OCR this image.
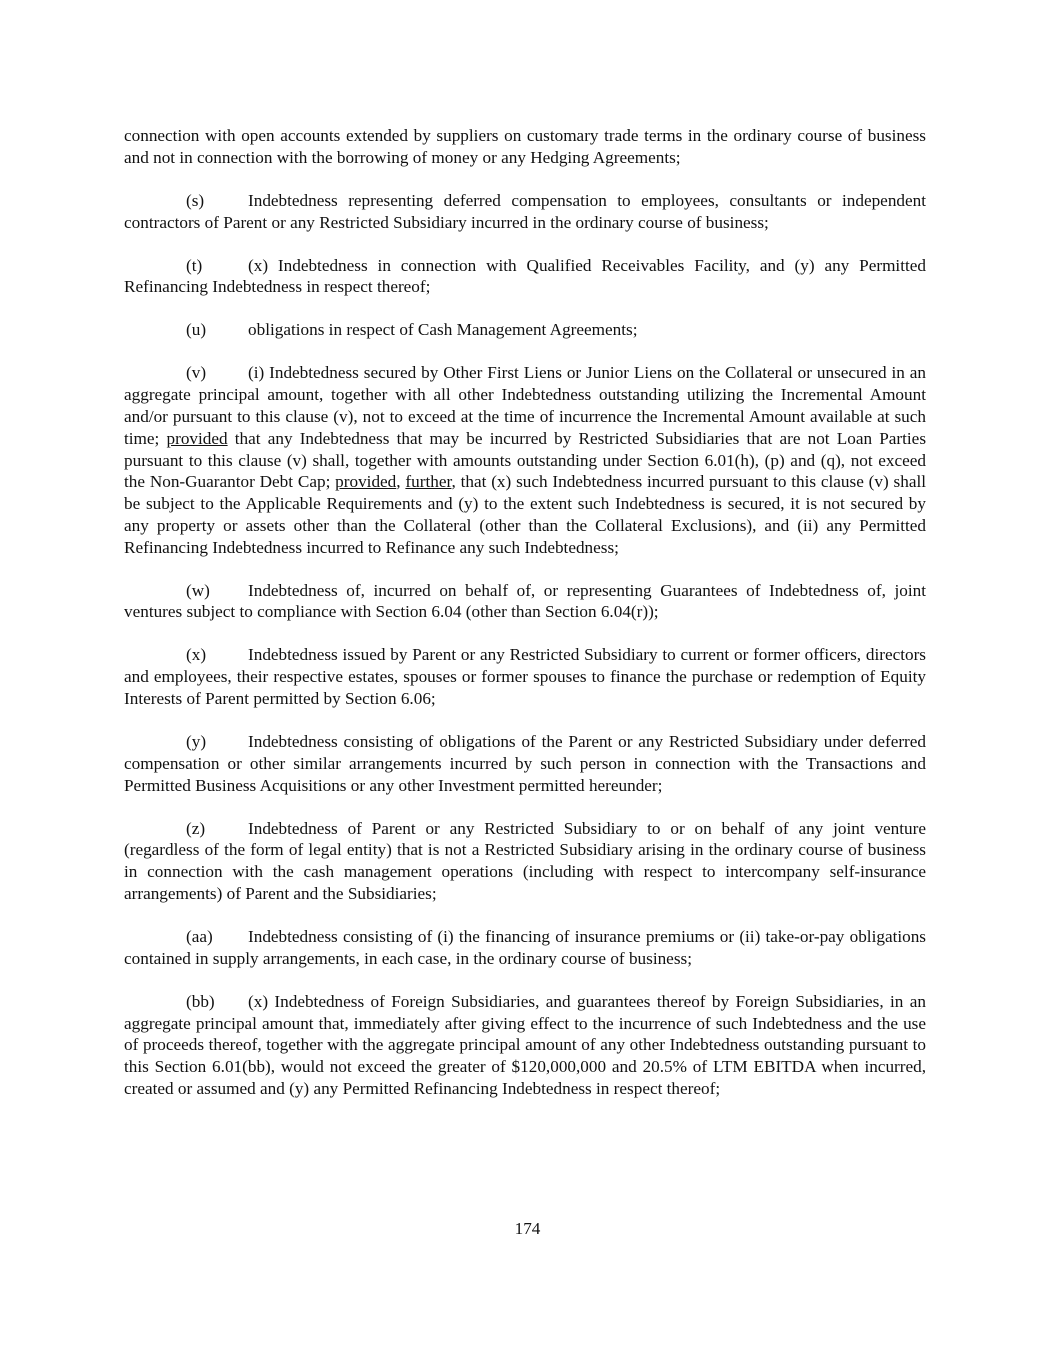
connection with open accounts extended by suppliers on customary trade terms in the ordinary course of business and not in connection with the borrowing of money or any Hedging Agreements;

(s)	Indebtedness representing deferred compensation to employees, consultants or independent contractors of Parent or any Restricted Subsidiary incurred in the ordinary course of business;

(t)	(x) Indebtedness in connection with Qualified Receivables Facility, and (y) any Permitted Refinancing Indebtedness in respect thereof;

(u) obligations in respect of Cash Management Agreements;

(v) (i) Indebtedness secured by Other First Liens or Junior Liens on the Collateral or unsecured in an aggregate principal amount, together with all other Indebtedness outstanding utilizing the Incremental Amount and/or pursuant to this clause (v), not to exceed at the time of incurrence the Incremental Amount available at such time; provided that any Indebtedness that may be incurred by Restricted Subsidiaries that are not Loan Parties pursuant to this clause (v) shall, together with amounts outstanding under Section 6.01(h), (p) and (q), not exceed the Non-Guarantor Debt Cap; provided, further, that (x) such Indebtedness incurred pursuant to this clause (v) shall be subject to the Applicable Requirements and (y) to the extent such Indebtedness is secured, it is not secured by any property or assets other than the Collateral (other than the Collateral Exclusions), and (ii) any Permitted Refinancing Indebtedness incurred to Refinance any such Indebtedness;

(w) Indebtedness of, incurred on behalf of, or representing Guarantees of Indebtedness of, joint ventures subject to compliance with Section 6.04 (other than Section 6.04(r));

(x) Indebtedness issued by Parent or any Restricted Subsidiary to current or former officers, directors and employees, their respective estates, spouses or former spouses to finance the purchase or redemption of Equity Interests of Parent permitted by Section 6.06;

(y) Indebtedness consisting of obligations of the Parent or any Restricted Subsidiary under deferred compensation or other similar arrangements incurred by such person in connection with the Transactions and Permitted Business Acquisitions or any other Investment permitted hereunder;

(z) Indebtedness of Parent or any Restricted Subsidiary to or on behalf of any joint venture (regardless of the form of legal entity) that is not a Restricted Subsidiary arising in the ordinary course of business in connection with the cash management operations (including with respect to intercompany self-insurance arrangements) of Parent and the Subsidiaries;

(aa) Indebtedness consisting of (i) the financing of insurance premiums or (ii) take-or-pay obligations contained in supply arrangements, in each case, in the ordinary course of business;

(bb) (x) Indebtedness of Foreign Subsidiaries, and guarantees thereof by Foreign Subsidiaries, in an aggregate principal amount that, immediately after giving effect to the incurrence of such Indebtedness and the use of proceeds thereof, together with the aggregate principal amount of any other Indebtedness outstanding pursuant to this Section 6.01(bb), would not exceed the greater of $120,000,000 and 20.5% of LTM EBITDA when incurred, created or assumed and (y) any Permitted Refinancing Indebtedness in respect thereof;

174
